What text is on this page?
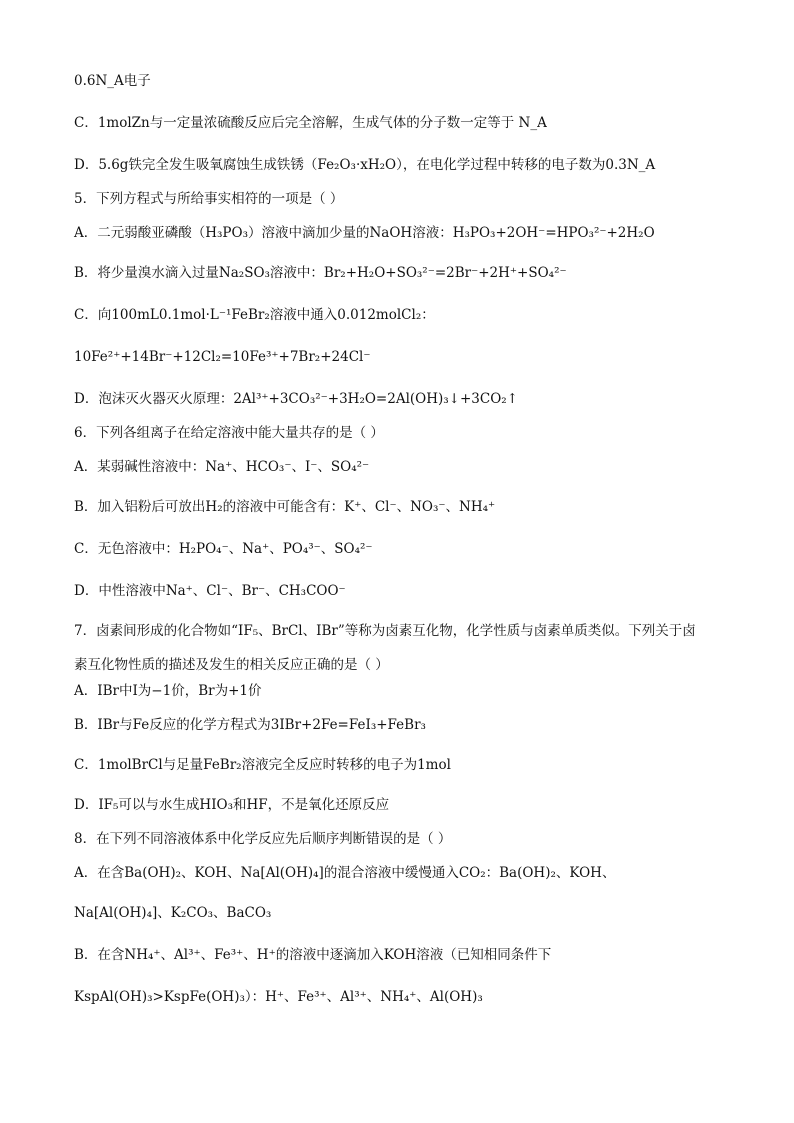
0.6N_A电子
C．1molZn与一定量浓硫酸反应后完全溶解，生成气体的分子数一定等于 N_A
D．5.6g铁完全发生吸氧腐蚀生成铁锈（Fe₂O₃·xH₂O），在电化学过程中转移的电子数为0.3N_A
5．下列方程式与所给事实相符的一项是（ ）
A．二元弱酸亚磷酸（H₃PO₃）溶液中滴加少量的NaOH溶液：H₃PO₃+2OH⁻=HPO₃²⁻+2H₂O
B．将少量溴水滴入过量Na₂SO₃溶液中：Br₂+H₂O+SO₃²⁻=2Br⁻+2H⁺+SO₄²⁻
C．向100mL0.1mol·L⁻¹FeBr₂溶液中通入0.012molCl₂：
10Fe²⁺+14Br⁻+12Cl₂=10Fe³⁺+7Br₂+24Cl⁻
D．泡沫灭火器灭火原理：2Al³⁺+3CO₃²⁻+3H₂O=2Al(OH)₃↓+3CO₂↑
6．下列各组离子在给定溶液中能大量共存的是（ ）
A．某弱碱性溶液中：Na⁺、HCO₃⁻、I⁻、SO₄²⁻
B．加入铝粉后可放出H₂的溶液中可能含有：K⁺、Cl⁻、NO₃⁻、NH₄⁺
C．无色溶液中：H₂PO₄⁻、Na⁺、PO₄³⁻、SO₄²⁻
D．中性溶液中Na⁺、Cl⁻、Br⁻、CH₃COO⁻
7．卤素间形成的化合物如“IF₅、BrCl、IBr”等称为卤素互化物，化学性质与卤素单质类似。下列关于卤
素互化物性质的描述及发生的相关反应正确的是（ ）
A．IBr中I为−1价，Br为+1价
B．IBr与Fe反应的化学方程式为3IBr+2Fe=FeI₃+FeBr₃
C．1molBrCl与足量FeBr₂溶液完全反应时转移的电子为1mol
D．IF₅可以与水生成HIO₃和HF，不是氧化还原反应
8．在下列不同溶液体系中化学反应先后顺序判断错误的是（ ）
A．在含Ba(OH)₂、KOH、Na[Al(OH)₄]的混合溶液中缓慢通入CO₂：Ba(OH)₂、KOH、
Na[Al(OH)₄]、K₂CO₃、BaCO₃
B．在含NH₄⁺、Al³⁺、Fe³⁺、H⁺的溶液中逐滴加入KOH溶液（已知相同条件下
KspAl(OH)₃>KspFe(OH)₃）：H⁺、Fe³⁺、Al³⁺、NH₄⁺、Al(OH)₃
